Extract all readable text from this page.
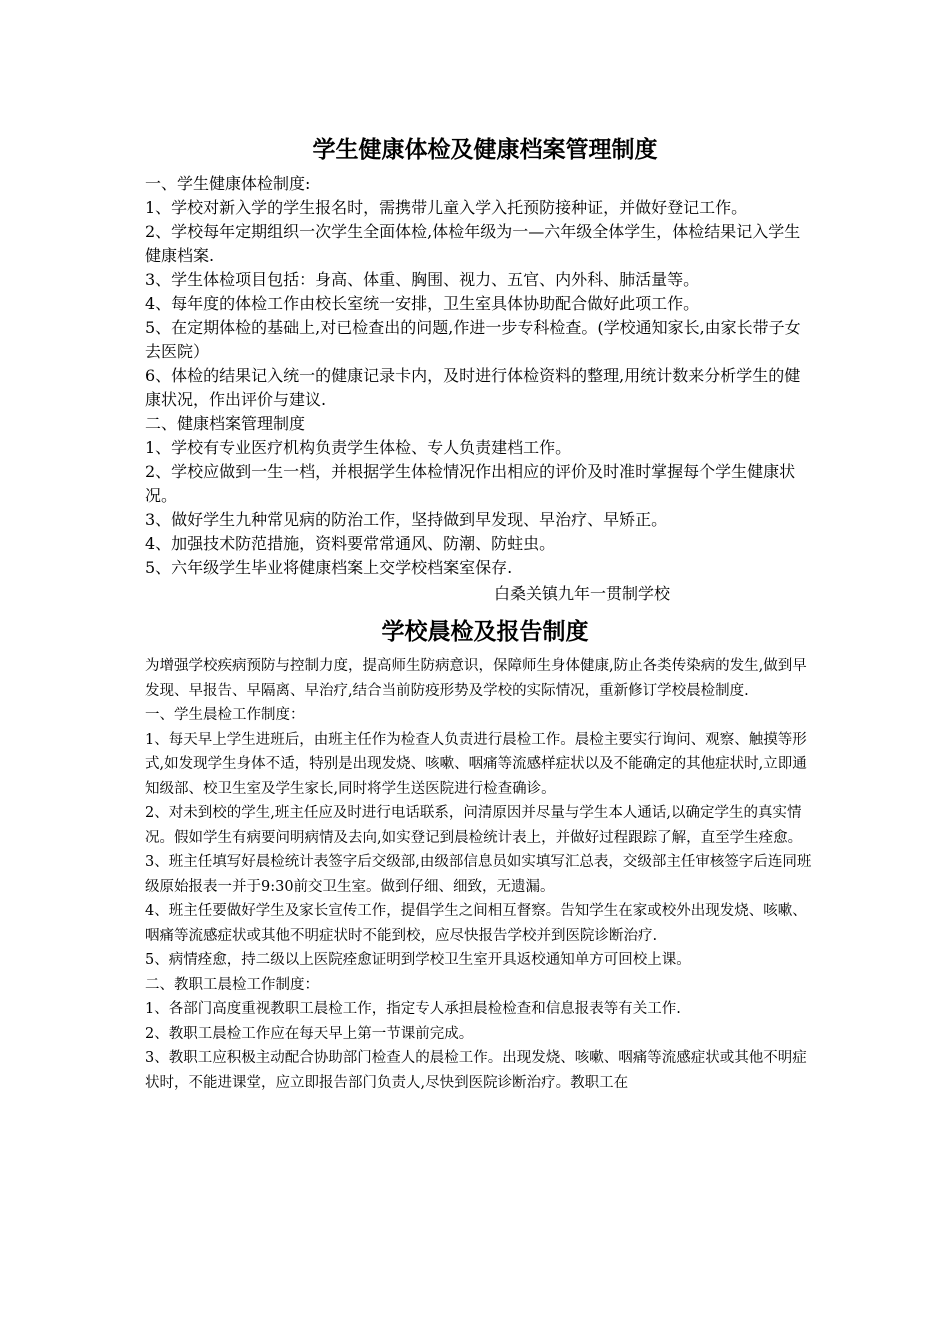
学生健康体检及健康档案管理制度

一、学生健康体检制度:

1、学校对新入学的学生报名时，需携带儿童入学入托预防接种证，并做好登记工作。

2、学校每年定期组织一次学生全面体检,体检年级为一—六年级全体学生，体检结果记入学生健康档案.

3、学生体检项目包括：身高、体重、胸围、视力、五官、内外科、肺活量等。

4、每年度的体检工作由校长室统一安排，卫生室具体协助配合做好此项工作。

5、在定期体检的基础上,对已检查出的问题,作进一步专科检查。(学校通知家长,由家长带子女去医院）

6、体检的结果记入统一的健康记录卡内，及时进行体检资料的整理,用统计数来分析学生的健康状况，作出评价与建议.

二、健康档案管理制度

1、学校有专业医疗机构负责学生体检、专人负责建档工作。

2、学校应做到一生一档，并根据学生体检情况作出相应的评价及时准时掌握每个学生健康状况。

3、做好学生九种常见病的防治工作，坚持做到早发现、早治疗、早矫正。

4、加强技术防范措施，资料要常常通风、防潮、防蛀虫。

5、六年级学生毕业将健康档案上交学校档案室保存.

白桑关镇九年一贯制学校

学校晨检及报告制度

为增强学校疾病预防与控制力度，提高师生防病意识，保障师生身体健康,防止各类传染病的发生,做到早发现、早报告、早隔离、早治疗,结合当前防疫形势及学校的实际情况，重新修订学校晨检制度.

一、学生晨检工作制度：

1、每天早上学生进班后，由班主任作为检查人负责进行晨检工作。晨检主要实行询问、观察、触摸等形式,如发现学生身体不适，特别是出现发烧、咳嗽、咽痛等流感样症状以及不能确定的其他症状时,立即通知级部、校卫生室及学生家长,同时将学生送医院进行检查确诊。

2、对未到校的学生,班主任应及时进行电话联系，问清原因并尽量与学生本人通话,以确定学生的真实情况。假如学生有病要问明病情及去向,如实登记到晨检统计表上，并做好过程跟踪了解，直至学生痊愈。

3、班主任填写好晨检统计表签字后交级部,由级部信息员如实填写汇总表，交级部主任审核签字后连同班级原始报表一并于9:30前交卫生室。做到仔细、细致，无遗漏。

4、班主任要做好学生及家长宣传工作，提倡学生之间相互督察。告知学生在家或校外出现发烧、咳嗽、咽痛等流感症状或其他不明症状时不能到校，应尽快报告学校并到医院诊断治疗.

5、病情痊愈，持二级以上医院痊愈证明到学校卫生室开具返校通知单方可回校上课。

二、教职工晨检工作制度：

1、各部门高度重视教职工晨检工作，指定专人承担晨检检查和信息报表等有关工作.

2、教职工晨检工作应在每天早上第一节课前完成。

3、教职工应积极主动配合协助部门检查人的晨检工作。出现发烧、咳嗽、咽痛等流感症状或其他不明症状时，不能进课堂，应立即报告部门负责人,尽快到医院诊断治疗。教职工在
